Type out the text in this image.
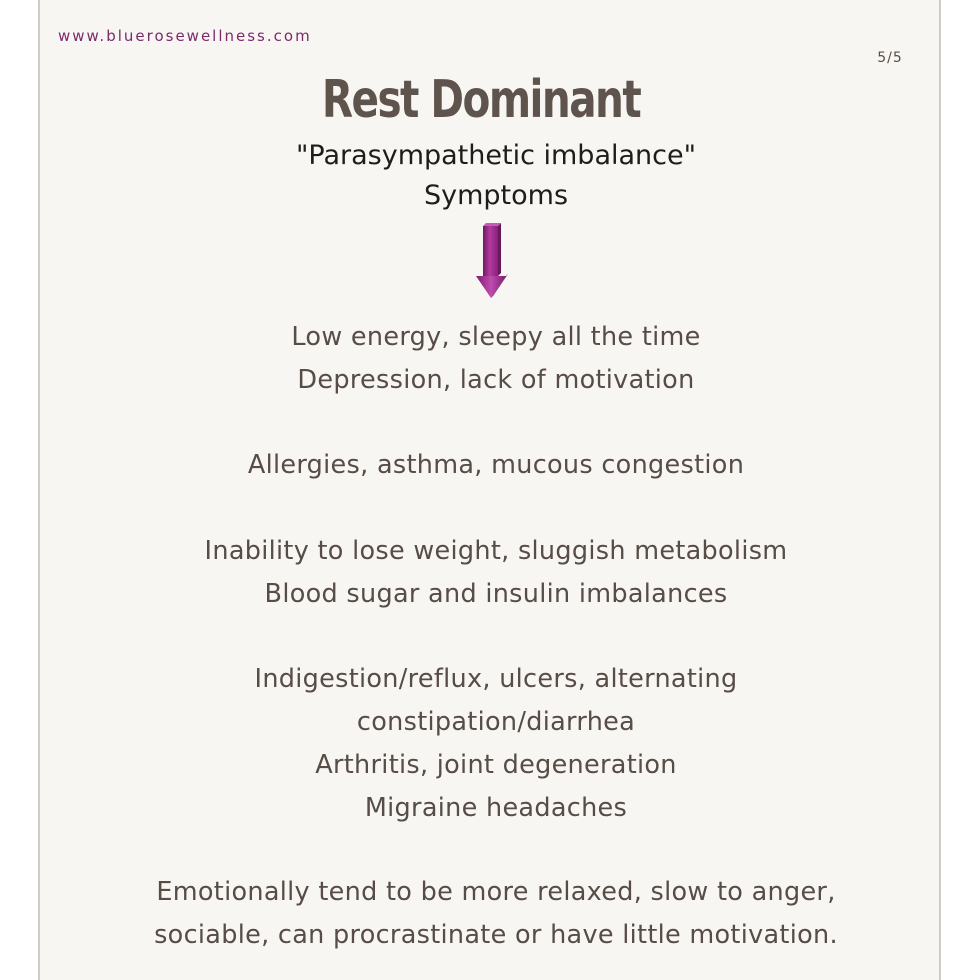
www.bluerosewellness.com
5/5
Rest Dominant
"Parasympathetic imbalance"
Symptoms
Low energy, sleepy all the time
Depression, lack of motivation
Allergies, asthma, mucous congestion
Inability to lose weight, sluggish metabolism
Blood sugar and insulin imbalances
Indigestion/reflux, ulcers, alternating
constipation/diarrhea
Arthritis, joint degeneration
Migraine headaches
Emotionally tend to be more relaxed, slow to anger,
sociable, can procrastinate or have little motivation.
